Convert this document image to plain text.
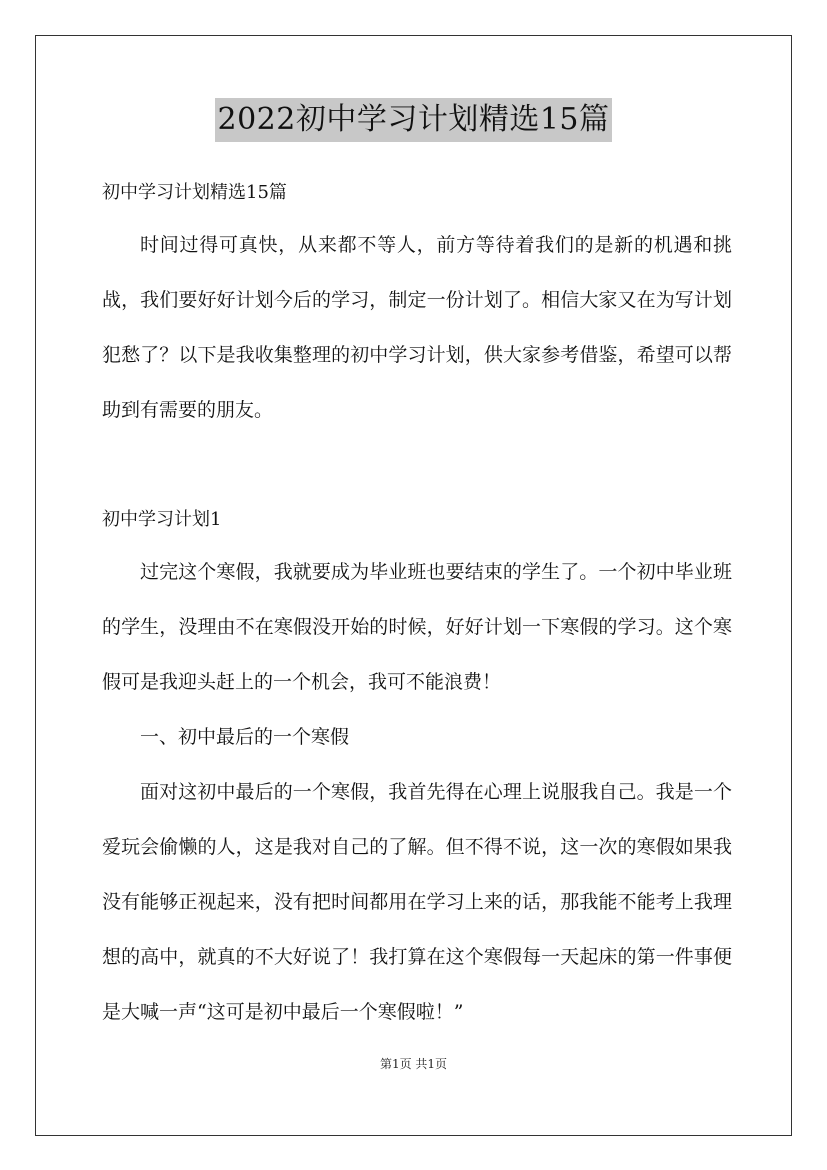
2022初中学习计划精选15篇

初中学习计划精选15篇

时间过得可真快，从来都不等人，前方等待着我们的是新的机遇和挑战，我们要好好计划今后的学习，制定一份计划了。相信大家又在为写计划犯愁了？以下是我收集整理的初中学习计划，供大家参考借鉴，希望可以帮助到有需要的朋友。

初中学习计划1

过完这个寒假，我就要成为毕业班也要结束的学生了。一个初中毕业班的学生，没理由不在寒假没开始的时候，好好计划一下寒假的学习。这个寒假可是我迎头赶上的一个机会，我可不能浪费！

一、初中最后的一个寒假

面对这初中最后的一个寒假，我首先得在心理上说服我自己。我是一个爱玩会偷懒的人，这是我对自己的了解。但不得不说，这一次的寒假如果我没有能够正视起来，没有把时间都用在学习上来的话，那我能不能考上我理想的高中，就真的不大好说了！我打算在这个寒假每一天起床的第一件事便是大喊一声“这可是初中最后一个寒假啦！”

第1页 共1页
